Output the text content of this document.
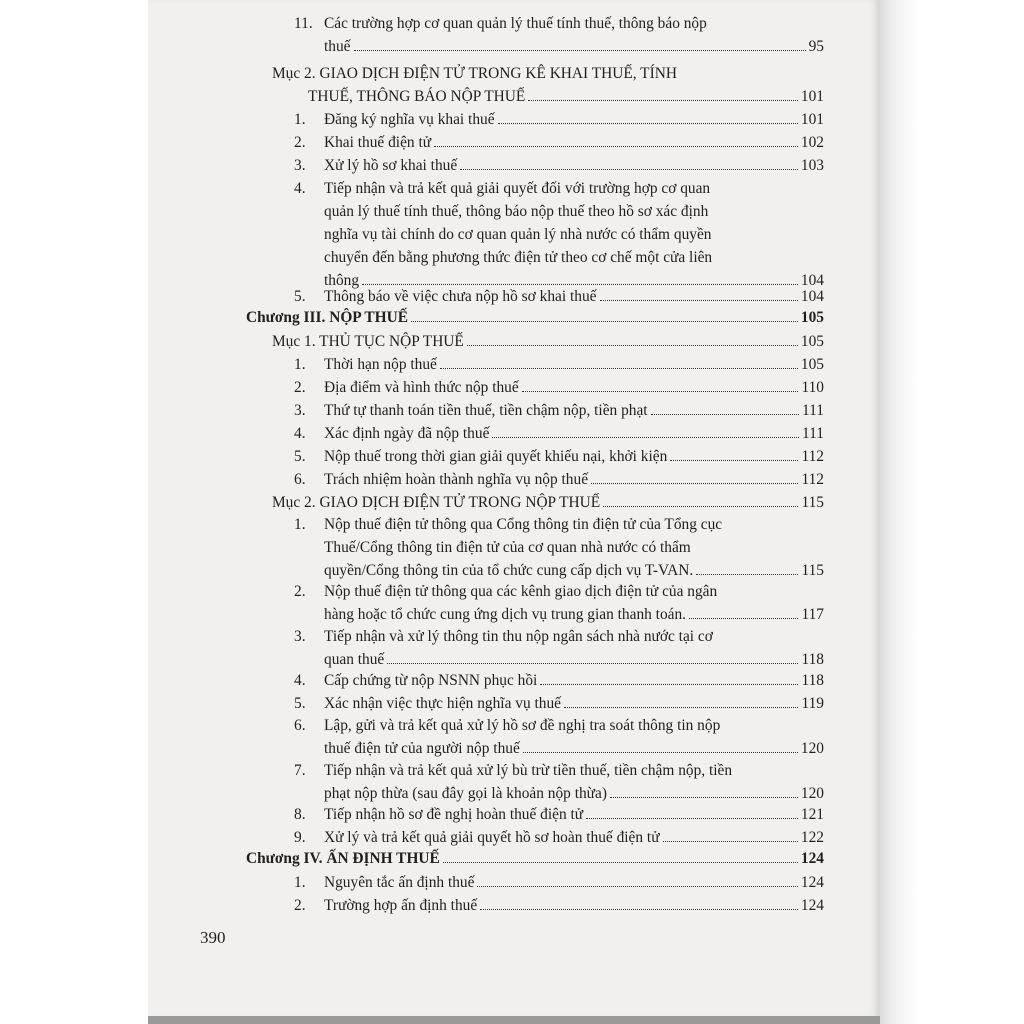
11. Các trường hợp cơ quan quản lý thuế tính thuế, thông báo nộp
thuế	95
Mục 2. GIAO DỊCH ĐIỆN TỬ TRONG KÊ KHAI THUẾ, TÍNH
THUẾ, THÔNG BÁO NỘP THUẾ	101
1. Đăng ký nghĩa vụ khai thuế	101
2. Khai thuế điện tử	102
3. Xử lý hồ sơ khai thuế	103
4. Tiếp nhận và trả kết quả giải quyết đối với trường hợp cơ quan
quản lý thuế tính thuế, thông báo nộp thuế theo hồ sơ xác định
nghĩa vụ tài chính do cơ quan quản lý nhà nước có thẩm quyền
chuyển đến bằng phương thức điện tử theo cơ chế một cửa liên
thông	104
5. Thông báo về việc chưa nộp hồ sơ khai thuế	104
Chương III. NỘP THUẾ	105
Mục 1. THỦ TỤC NỘP THUẾ	105
1. Thời hạn nộp thuế	105
2. Địa điểm và hình thức nộp thuế	110
3. Thứ tự thanh toán tiền thuế, tiền chậm nộp, tiền phạt	111
4. Xác định ngày đã nộp thuế	111
5. Nộp thuế trong thời gian giải quyết khiếu nại, khởi kiện	112
6. Trách nhiệm hoàn thành nghĩa vụ nộp thuế	112
Mục 2. GIAO DỊCH ĐIỆN TỬ TRONG NỘP THUẾ	115
1. Nộp thuế điện tử thông qua Cổng thông tin điện tử của Tổng cục
Thuế/Cổng thông tin điện tử của cơ quan nhà nước có thẩm
quyền/Cổng thông tin của tổ chức cung cấp dịch vụ T-VAN.	115
2. Nộp thuế điện tử thông qua các kênh giao dịch điện tử của ngân
hàng hoặc tổ chức cung ứng dịch vụ trung gian thanh toán.	117
3. Tiếp nhận và xử lý thông tin thu nộp ngân sách nhà nước tại cơ
quan thuế	118
4. Cấp chứng từ nộp NSNN phục hồi	118
5. Xác nhận việc thực hiện nghĩa vụ thuế	119
6. Lập, gửi và trả kết quả xử lý hồ sơ đề nghị tra soát thông tin nộp
thuế điện tử của người nộp thuế	120
7. Tiếp nhận và trả kết quả xử lý bù trừ tiền thuế, tiền chậm nộp, tiền
phạt nộp thừa (sau đây gọi là khoản nộp thừa)	120
8. Tiếp nhận hồ sơ đề nghị hoàn thuế điện tử	121
9. Xử lý và trả kết quả giải quyết hồ sơ hoàn thuế điện tử	122
Chương IV. ẤN ĐỊNH THUẾ	124
1. Nguyên tắc ấn định thuế	124
2. Trường hợp ấn định thuế	124
390
